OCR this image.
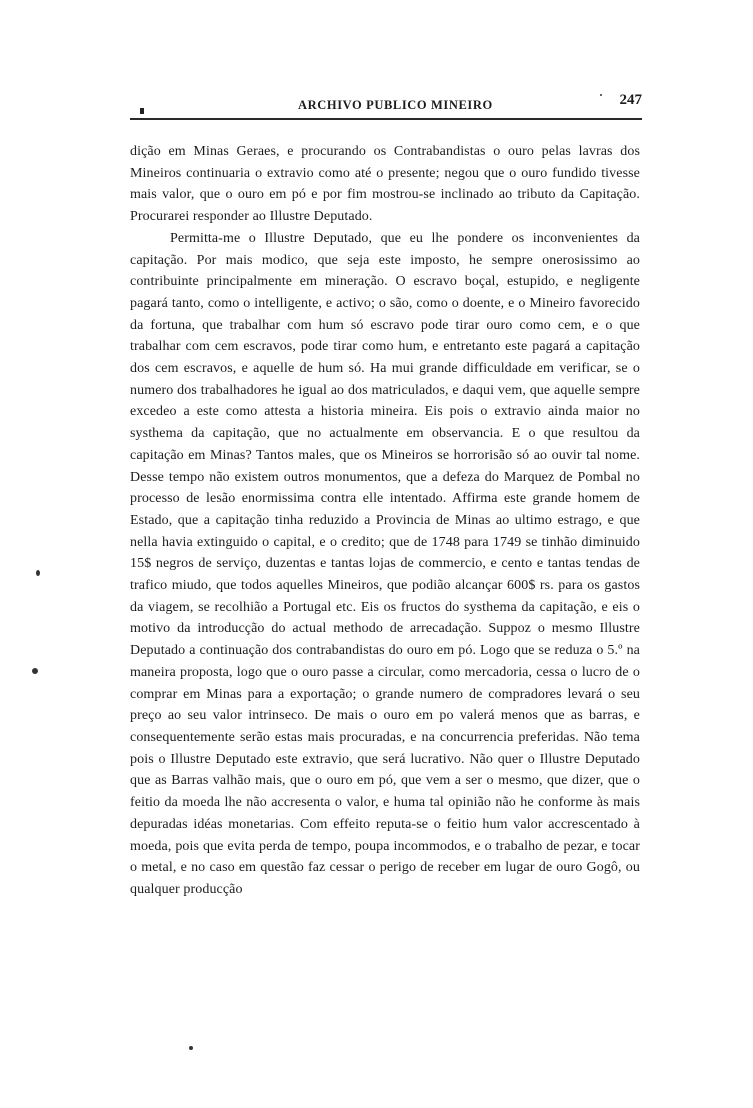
ARCHIVO PUBLICO MINEIRO	247

dição em Minas Geraes, e procurando os Contrabandistas o ouro pelas lavras dos Mineiros continuaria o extravio como até o presente; negou que o ouro fundido tivesse mais valor, que o ouro em pó e por fim mostrou-se inclinado ao tributo da Capitação. Procurarei responder ao Illustre Deputado.

Permitta-me o Illustre Deputado, que eu lhe pondere os inconvenientes da capitação. Por mais modico, que seja este imposto, he sempre onerosissimo ao contribuinte principalmente em mineração. O escravo boçal, estupido, e negligente pagará tanto, como o intelligente, e activo; o são, como o doente, e o Mineiro favorecido da fortuna, que trabalhar com hum só escravo pode tirar ouro como cem, e o que trabalhar com cem escravos, pode tirar como hum, e entretanto este pagará a capitação dos cem escravos, e aquelle de hum só. Ha mui grande difficuldade em verificar, se o numero dos trabalhadores he igual ao dos matriculados, e daqui vem, que aquelle sempre excedeo a este como attesta a historia mineira. Eis pois o extravio ainda maior no systhema da capitação, que no actualmente em observancia. E o que resultou da capitação em Minas? Tantos males, que os Mineiros se horrorisão só ao ouvir tal nome. Desse tempo não existem outros monumentos, que a defeza do Marquez de Pombal no processo de lesão enormissima contra elle intentado. Affirma este grande homem de Estado, que a capitação tinha reduzido a Provincia de Minas ao ultimo estrago, e que nella havia extinguido o capital, e o credito; que de 1748 para 1749 se tinhão diminuido 15$ negros de serviço, duzentas e tantas lojas de commercio, e cento e tantas tendas de trafico miudo, que todos aquelles Mineiros, que podião alcançar 600$ rs. para os gastos da viagem, se recolhião a Portugal etc. Eis os fructos do systhema da capitação, e eis o motivo da introducção do actual methodo de arrecadação. Suppoz o mesmo Illustre Deputado a continuação dos contrabandistas do ouro em pó. Logo que se reduza o 5.º na maneira proposta, logo que o ouro passe a circular, como mercadoria, cessa o lucro de o comprar em Minas para a exportação; o grande numero de compradores levará o seu preço ao seu valor intrinseco. De mais o ouro em po valerá menos que as barras, e consequentemente serão estas mais procuradas, e na concurrencia preferidas. Não tema pois o Illustre Deputado este extravio, que será lucrativo. Não quer o Illustre Deputado que as Barras valhão mais, que o ouro em pó, que vem a ser o mesmo, que dizer, que o feitio da moeda lhe não accresenta o valor, e huma tal opinião não he conforme às mais depuradas idéas monetarias. Com effeito reputa-se o feitio hum valor accrescentado à moeda, pois que evita perda de tempo, poupa incommodos, e o trabalho de pezar, e tocar o metal, e no caso em questão faz cessar o perigo de receber em lugar de ouro Gogô, ou qualquer producção
